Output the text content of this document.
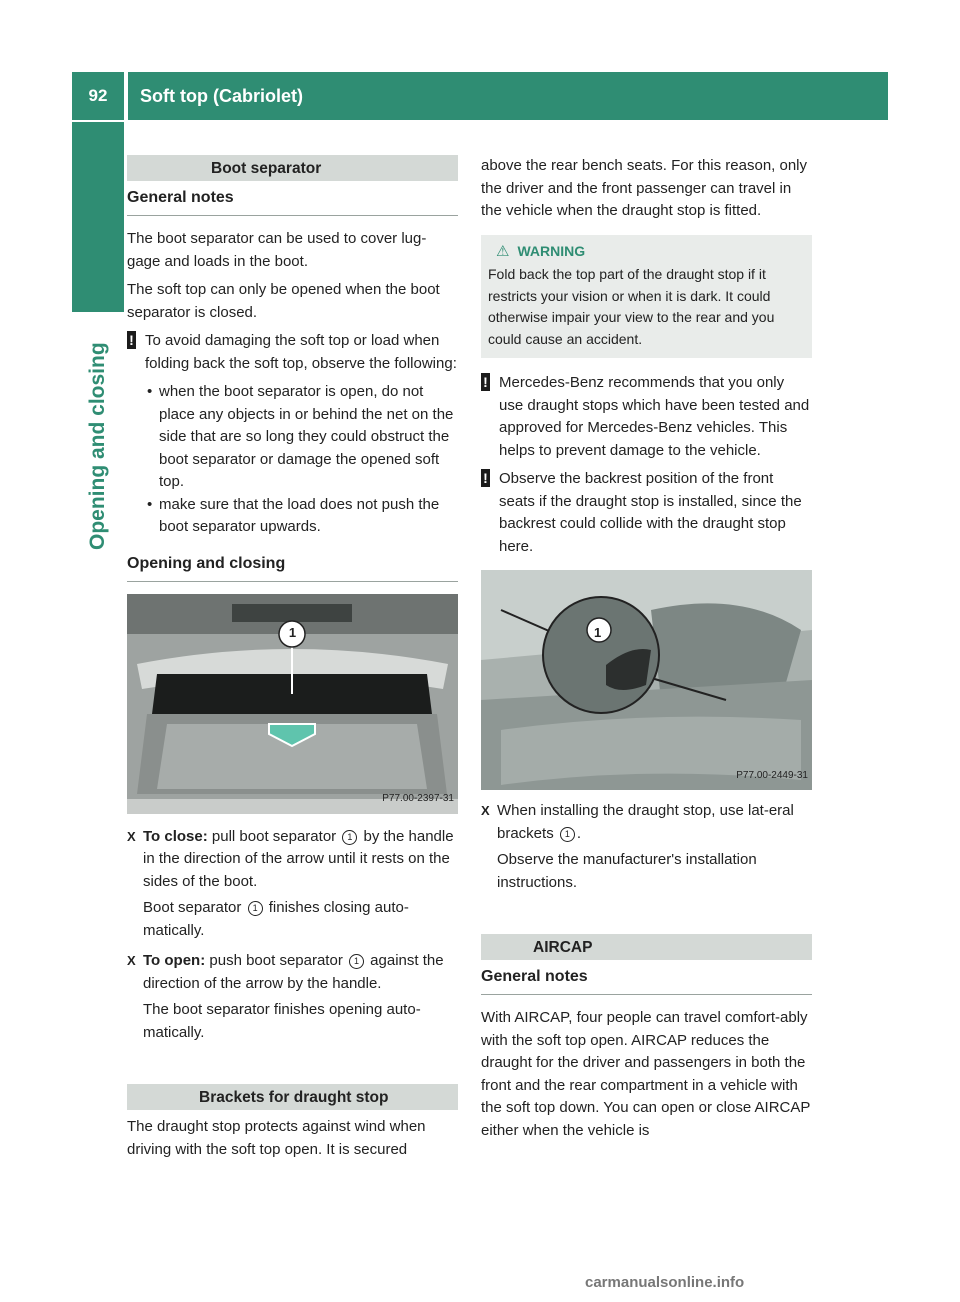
92	Soft top (Cabriolet)
Opening and closing
Boot separator
General notes

The boot separator can be used to cover lug-gage and loads in the boot.

The soft top can only be opened when the boot separator is closed.

! To avoid damaging the soft top or load when folding back the soft top, observe the following:
• when the boot separator is open, do not place any objects in or behind the net on the side that are so long they could obstruct the boot separator or damage the opened soft top.
• make sure that the load does not push the boot separator upwards.
Opening and closing
1
P77.00-2397-31
X To close: pull boot separator 1 by the handle in the direction of the arrow until it rests on the sides of the boot.

Boot separator 1 finishes closing auto-matically.

X To open: push boot separator 1 against the direction of the arrow by the handle.

The boot separator finishes opening auto-matically.

Brackets for draught stop

The draught stop protects against wind when driving with the soft top open. It is secured

above the rear bench seats. For this reason, only the driver and the front passenger can travel in the vehicle when the draught stop is fitted.

⚠ WARNING
Fold back the top part of the draught stop if it restricts your vision or when it is dark. It could otherwise impair your view to the rear and you could cause an accident.
! Mercedes-Benz recommends that you only use draught stops which have been tested and approved for Mercedes-Benz vehicles. This helps to prevent damage to the vehicle.
! Observe the backrest position of the front seats if the draught stop is installed, since the backrest could collide with the draught stop here.
1
P77.00-2449-31
X When installing the draught stop, use lat-eral brackets 1 .

Observe the manufacturer's installation instructions.

AIRCAP
General notes

With AIRCAP, four people can travel comfort-ably with the soft top open. AIRCAP reduces the draught for the driver and passengers in both the front and the rear compartment in a vehicle with the soft top down. You can open or close AIRCAP either when the vehicle is

carmanualsonline.info
